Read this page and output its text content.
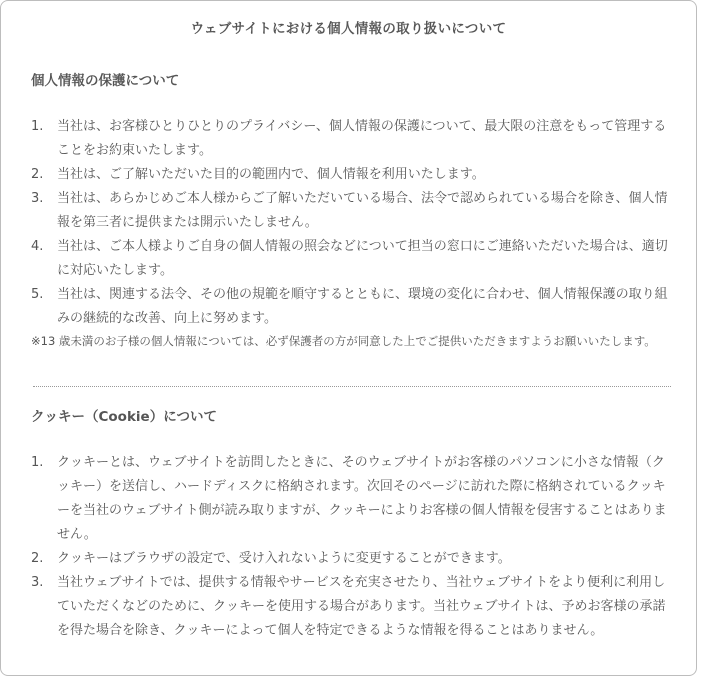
ウェブサイトにおける個人情報の取り扱いについて
個人情報の保護について
1. 当社は、お客様ひとりひとりのプライバシー、個人情報の保護について、最大限の注意をもって管理することをお約束いたします。
2. 当社は、ご了解いただいた目的の範囲内で、個人情報を利用いたします。
3. 当社は、あらかじめご本人様からご了解いただいている場合、法令で認められている場合を除き、個人情報を第三者に提供または開示いたしません。
4. 当社は、ご本人様よりご自身の個人情報の照会などについて担当の窓口にご連絡いただいた場合は、適切に対応いたします。
5. 当社は、関連する法令、その他の規範を順守するとともに、環境の変化に合わせ、個人情報保護の取り組みの継続的な改善、向上に努めます。
※13 歳未満のお子様の個人情報については、必ず保護者の方が同意した上でご提供いただきますようお願いいたします。
クッキー（Cookie）について
1. クッキーとは、ウェブサイトを訪問したときに、そのウェブサイトがお客様のパソコンに小さな情報（クッキー）を送信し、ハードディスクに格納されます。次回そのページに訪れた際に格納されているクッキーを当社のウェブサイト側が読み取りますが、クッキーによりお客様の個人情報を侵害することはありません。
2. クッキーはブラウザの設定で、受け入れないように変更することができます。
3. 当社ウェブサイトでは、提供する情報やサービスを充実させたり、当社ウェブサイトをより便利に利用していただくなどのために、クッキーを使用する場合があります。当社ウェブサイトは、予めお客様の承諾を得た場合を除き、クッキーによって個人を特定できるような情報を得ることはありません。
